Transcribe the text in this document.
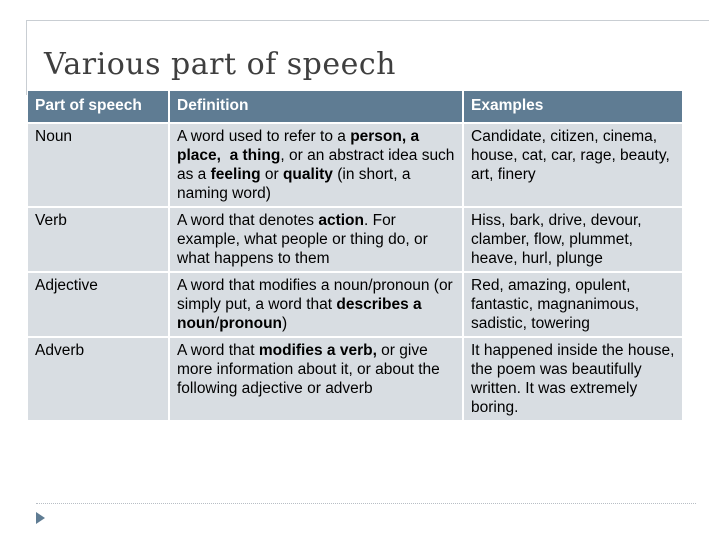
Various part of speech
Part of speech	Definition	Examples
Noun	A word used to refer to a person, a place, a thing, or an abstract idea such as a feeling or quality (in short, a naming word)	Candidate, citizen, cinema, house, cat, car, rage, beauty, art, finery
Verb	A word that denotes action. For example, what people or thing do, or what happens to them	Hiss, bark, drive, devour, clamber, flow, plummet, heave, hurl, plunge
Adjective	A word that modifies a noun/pronoun (or simply put, a word that describes a noun/pronoun)	Red, amazing, opulent, fantastic, magnanimous, sadistic, towering
Adverb	A word that modifies a verb, or give more information about it, or about the following adjective or adverb	It happened inside the house, the poem was beautifully written. It was extremely boring.
